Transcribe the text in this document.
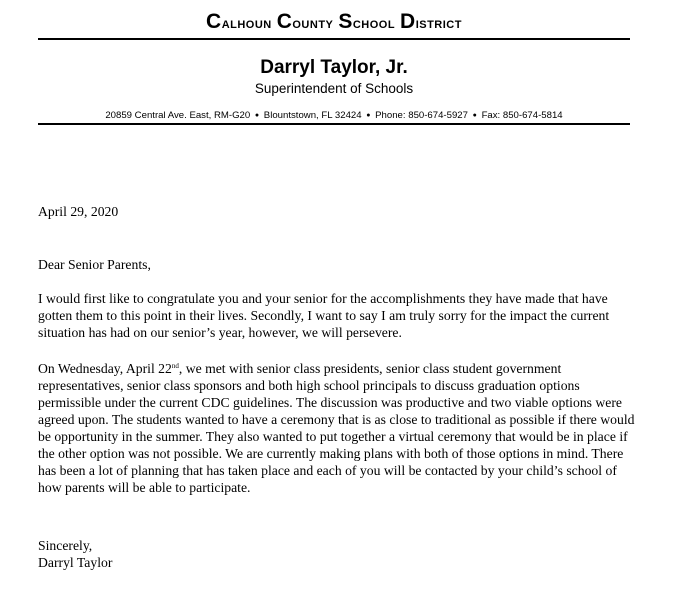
Calhoun County School District
Darryl Taylor, Jr.
Superintendent of Schools
20859 Central Ave. East, RM-G20 ● Blountstown, FL 32424 ● Phone: 850-674-5927 ● Fax: 850-674-5814
April 29, 2020
Dear Senior Parents,

I would first like to congratulate you and your senior for the accomplishments they have made that have gotten them to this point in their lives. Secondly, I want to say I am truly sorry for the impact the current situation has had on our senior’s year, however, we will persevere.

On Wednesday, April 22nd, we met with senior class presidents, senior class student government representatives, senior class sponsors and both high school principals to discuss graduation options permissible under the current CDC guidelines. The discussion was productive and two viable options were agreed upon. The students wanted to have a ceremony that is as close to traditional as possible if there would be opportunity in the summer. They also wanted to put together a virtual ceremony that would be in place if the other option was not possible. We are currently making plans with both of those options in mind. There has been a lot of planning that has taken place and each of you will be contacted by your child’s school of how parents will be able to participate.

Sincerely,
Darryl Taylor
